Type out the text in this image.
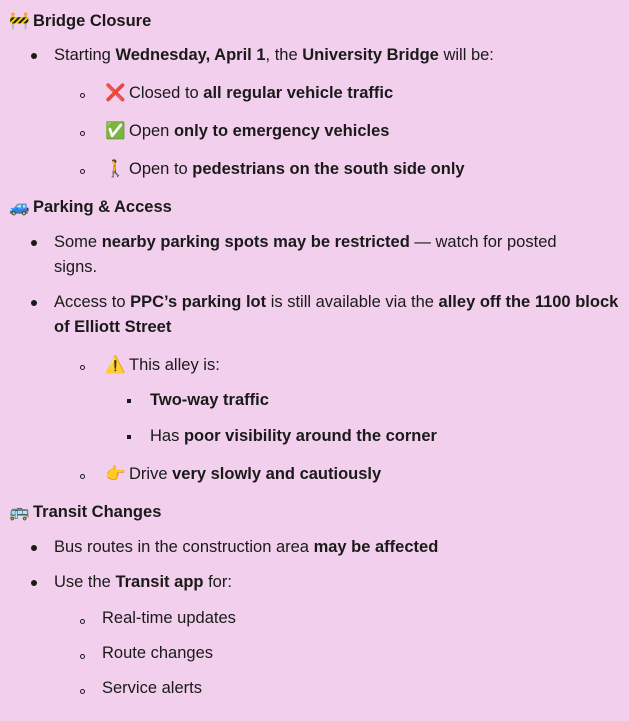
🚧 Bridge Closure
Starting Wednesday, April 1, the University Bridge will be:
❌ Closed to all regular vehicle traffic
✅ Open only to emergency vehicles
🚶 Open to pedestrians on the south side only
🚙 Parking & Access
Some nearby parking spots may be restricted — watch for posted signs.
Access to PPC’s parking lot is still available via the alley off the 1100 block of Elliott Street
⚠️ This alley is:
Two-way traffic
Has poor visibility around the corner
👉 Drive very slowly and cautiously
🚌 Transit Changes
Bus routes in the construction area may be affected
Use the Transit app for:
Real-time updates
Route changes
Service alerts
